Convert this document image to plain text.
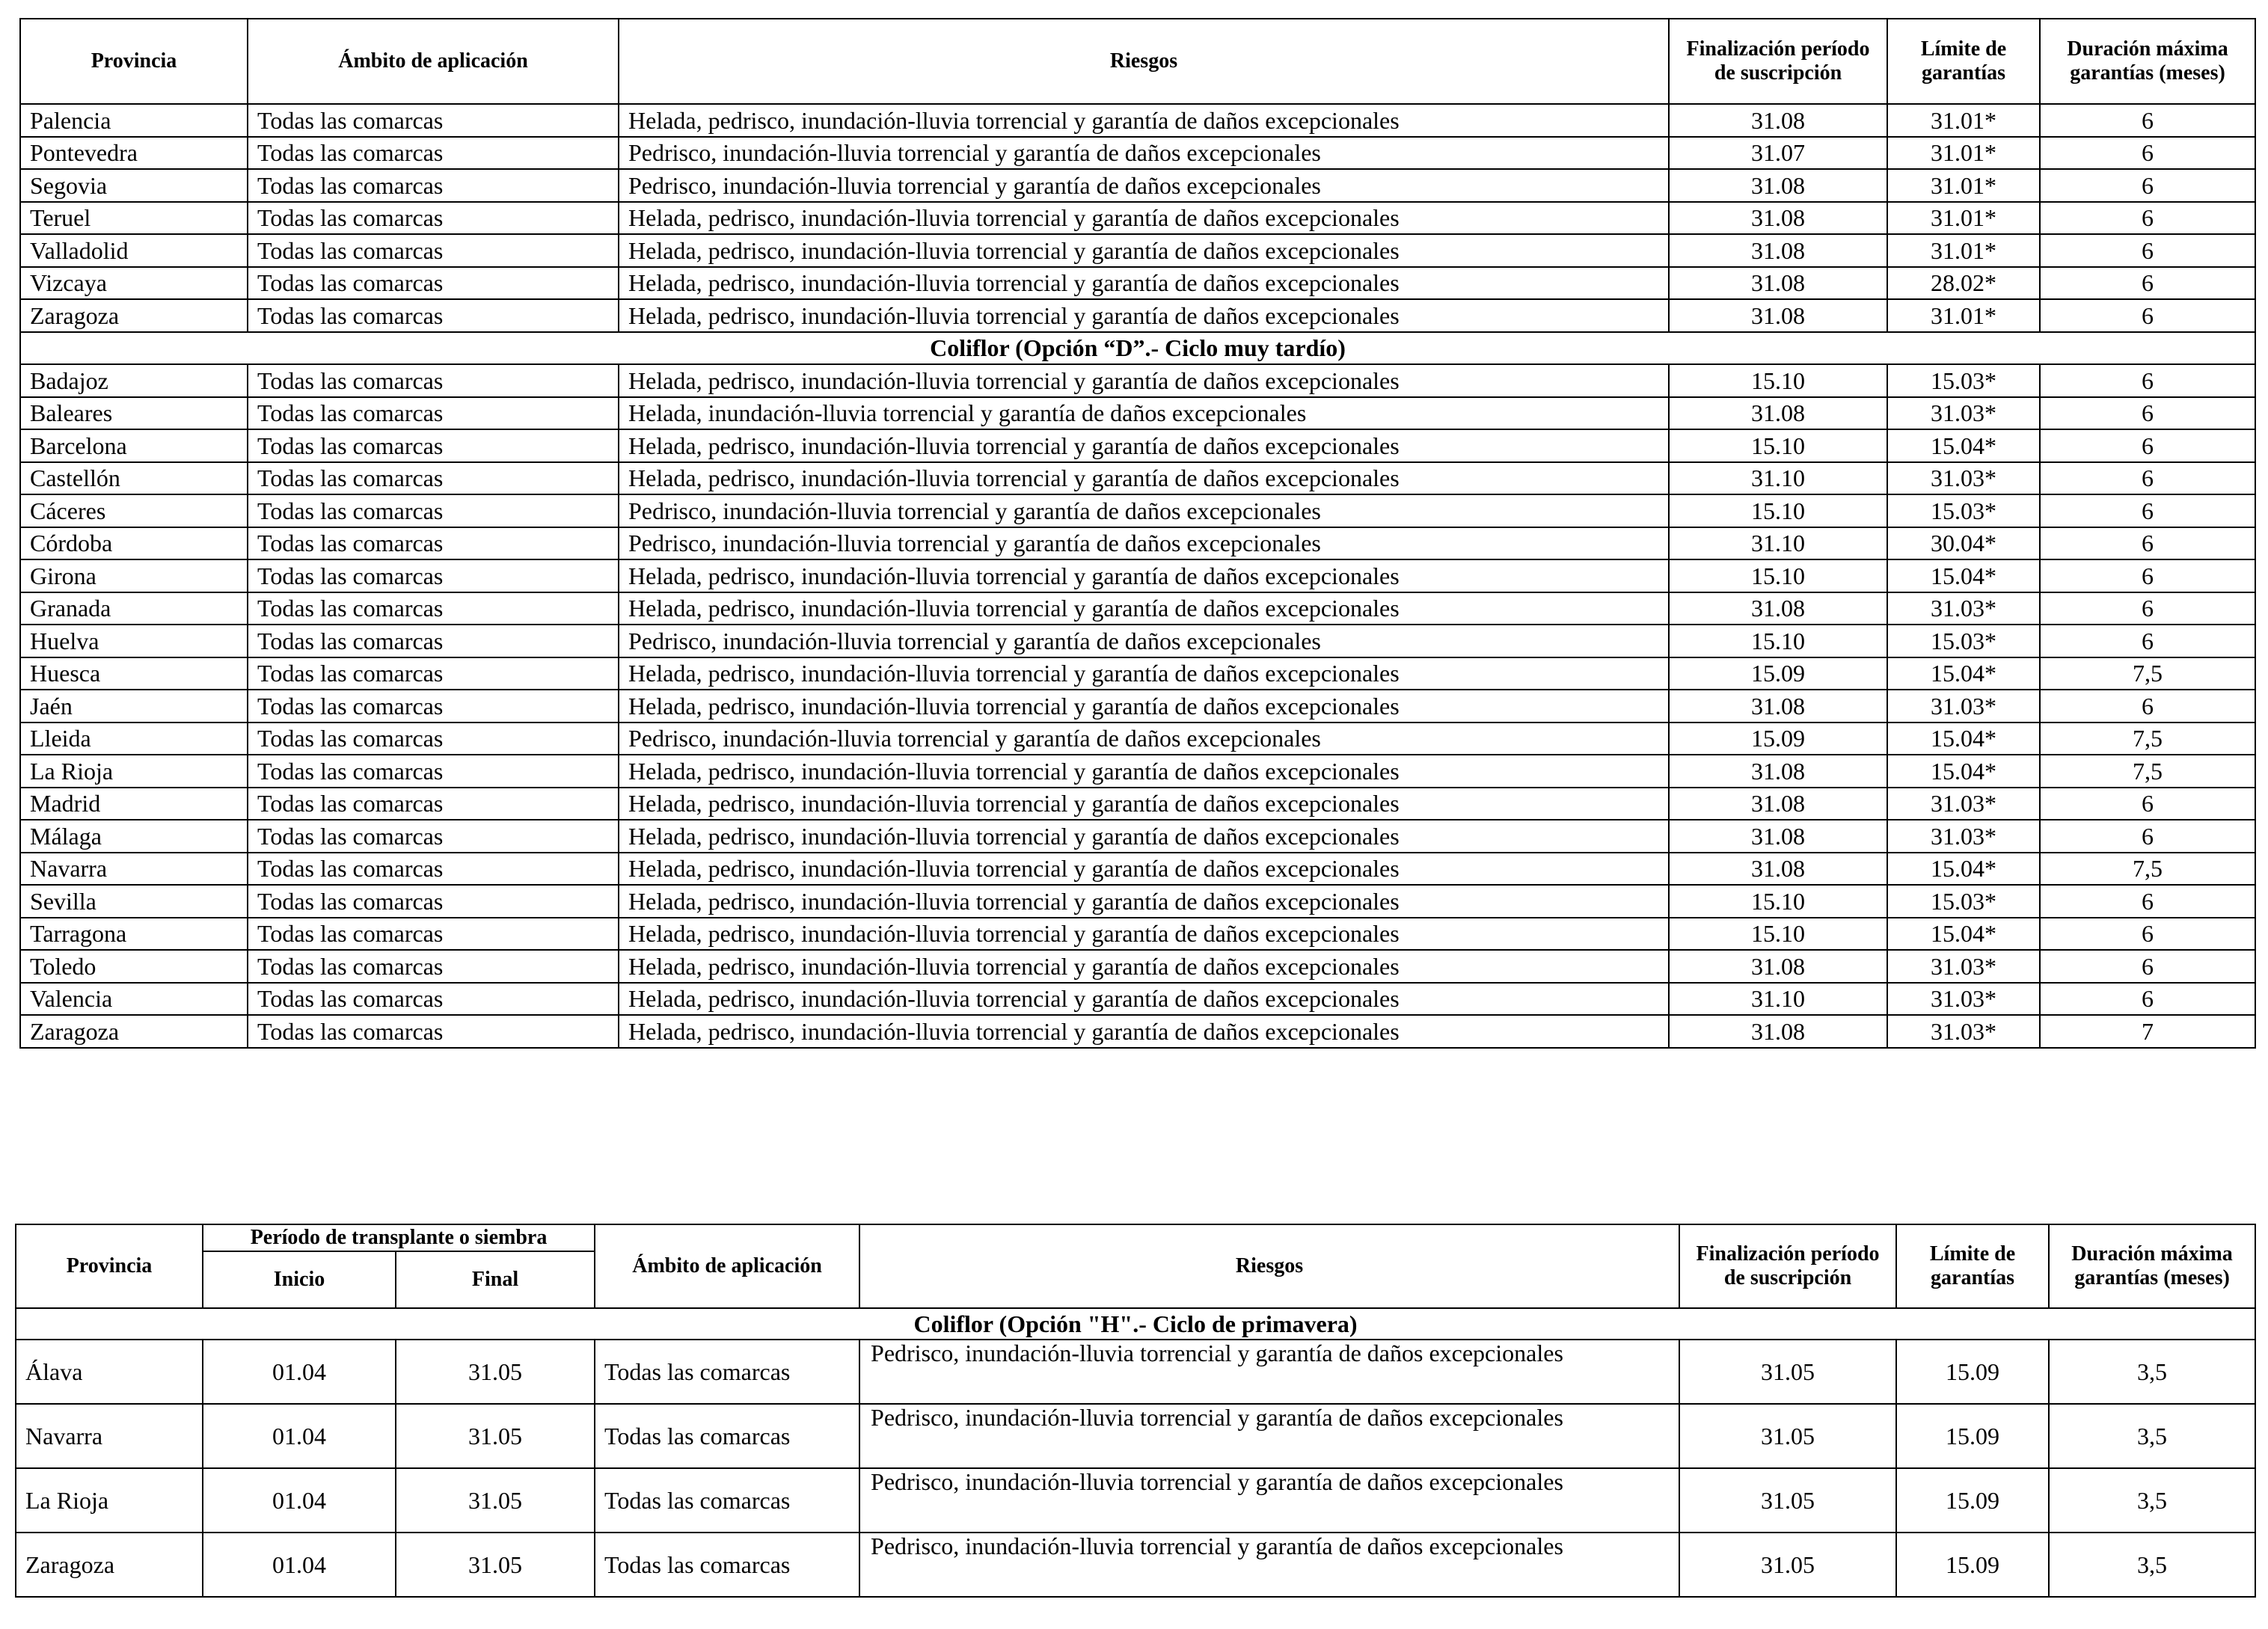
Provincia	Ámbito de aplicación	Riesgos	Finalización período de suscripción	Límite de garantías	Duración máxima garantías (meses)
Palencia	Todas las comarcas	Helada, pedrisco, inundación-lluvia torrencial y garantía de daños excepcionales	31.08	31.01*	6
Pontevedra	Todas las comarcas	Pedrisco, inundación-lluvia torrencial y garantía de daños excepcionales	31.07	31.01*	6
Segovia	Todas las comarcas	Pedrisco, inundación-lluvia torrencial y garantía de daños excepcionales	31.08	31.01*	6
Teruel	Todas las comarcas	Helada, pedrisco, inundación-lluvia torrencial y garantía de daños excepcionales	31.08	31.01*	6
Valladolid	Todas las comarcas	Helada, pedrisco, inundación-lluvia torrencial y garantía de daños excepcionales	31.08	31.01*	6
Vizcaya	Todas las comarcas	Helada, pedrisco, inundación-lluvia torrencial y garantía de daños excepcionales	31.08	28.02*	6
Zaragoza	Todas las comarcas	Helada, pedrisco, inundación-lluvia torrencial y garantía de daños excepcionales	31.08	31.01*	6
Coliflor (Opción “D”.- Ciclo muy tardío)					
Badajoz	Todas las comarcas	Helada, pedrisco, inundación-lluvia torrencial y garantía de daños excepcionales	15.10	15.03*	6
Baleares	Todas las comarcas	Helada, inundación-lluvia torrencial y garantía de daños excepcionales	31.08	31.03*	6
Barcelona	Todas las comarcas	Helada, pedrisco, inundación-lluvia torrencial y garantía de daños excepcionales	15.10	15.04*	6
Castellón	Todas las comarcas	Helada, pedrisco, inundación-lluvia torrencial y garantía de daños excepcionales	31.10	31.03*	6
Cáceres	Todas las comarcas	Pedrisco, inundación-lluvia torrencial y garantía de daños excepcionales	15.10	15.03*	6
Córdoba	Todas las comarcas	Pedrisco, inundación-lluvia torrencial y garantía de daños excepcionales	31.10	30.04*	6
Girona	Todas las comarcas	Helada, pedrisco, inundación-lluvia torrencial y garantía de daños excepcionales	15.10	15.04*	6
Granada	Todas las comarcas	Helada, pedrisco, inundación-lluvia torrencial y garantía de daños excepcionales	31.08	31.03*	6
Huelva	Todas las comarcas	Pedrisco, inundación-lluvia torrencial y garantía de daños excepcionales	15.10	15.03*	6
Huesca	Todas las comarcas	Helada, pedrisco, inundación-lluvia torrencial y garantía de daños excepcionales	15.09	15.04*	7,5
Jaén	Todas las comarcas	Helada, pedrisco, inundación-lluvia torrencial y garantía de daños excepcionales	31.08	31.03*	6
Lleida	Todas las comarcas	Pedrisco, inundación-lluvia torrencial y garantía de daños excepcionales	15.09	15.04*	7,5
La Rioja	Todas las comarcas	Helada, pedrisco, inundación-lluvia torrencial y garantía de daños excepcionales	31.08	15.04*	7,5
Madrid	Todas las comarcas	Helada, pedrisco, inundación-lluvia torrencial y garantía de daños excepcionales	31.08	31.03*	6
Málaga	Todas las comarcas	Helada, pedrisco, inundación-lluvia torrencial y garantía de daños excepcionales	31.08	31.03*	6
Navarra	Todas las comarcas	Helada, pedrisco, inundación-lluvia torrencial y garantía de daños excepcionales	31.08	15.04*	7,5
Sevilla	Todas las comarcas	Helada, pedrisco, inundación-lluvia torrencial y garantía de daños excepcionales	15.10	15.03*	6
Tarragona	Todas las comarcas	Helada, pedrisco, inundación-lluvia torrencial y garantía de daños excepcionales	15.10	15.04*	6
Toledo	Todas las comarcas	Helada, pedrisco, inundación-lluvia torrencial y garantía de daños excepcionales	31.08	31.03*	6
Valencia	Todas las comarcas	Helada, pedrisco, inundación-lluvia torrencial y garantía de daños excepcionales	31.10	31.03*	6
Zaragoza	Todas las comarcas	Helada, pedrisco, inundación-lluvia torrencial y garantía de daños excepcionales	31.08	31.03*	7
Provincia	Período de transplante o siembra		Ámbito de aplicación	Riesgos	Finalización período de suscripción	Límite de garantías	Duración máxima garantías (meses)
	Inicio	Final					
Coliflor (Opción "H".- Ciclo de primavera)							
Álava	01.04	31.05	Todas las comarcas	Pedrisco, inundación-lluvia torrencial y garantía de daños excepcionales	31.05	15.09	3,5
Navarra	01.04	31.05	Todas las comarcas	Pedrisco, inundación-lluvia torrencial y garantía de daños excepcionales	31.05	15.09	3,5
La Rioja	01.04	31.05	Todas las comarcas	Pedrisco, inundación-lluvia torrencial y garantía de daños excepcionales	31.05	15.09	3,5
Zaragoza	01.04	31.05	Todas las comarcas	Pedrisco, inundación-lluvia torrencial y garantía de daños excepcionales	31.05	15.09	3,5
